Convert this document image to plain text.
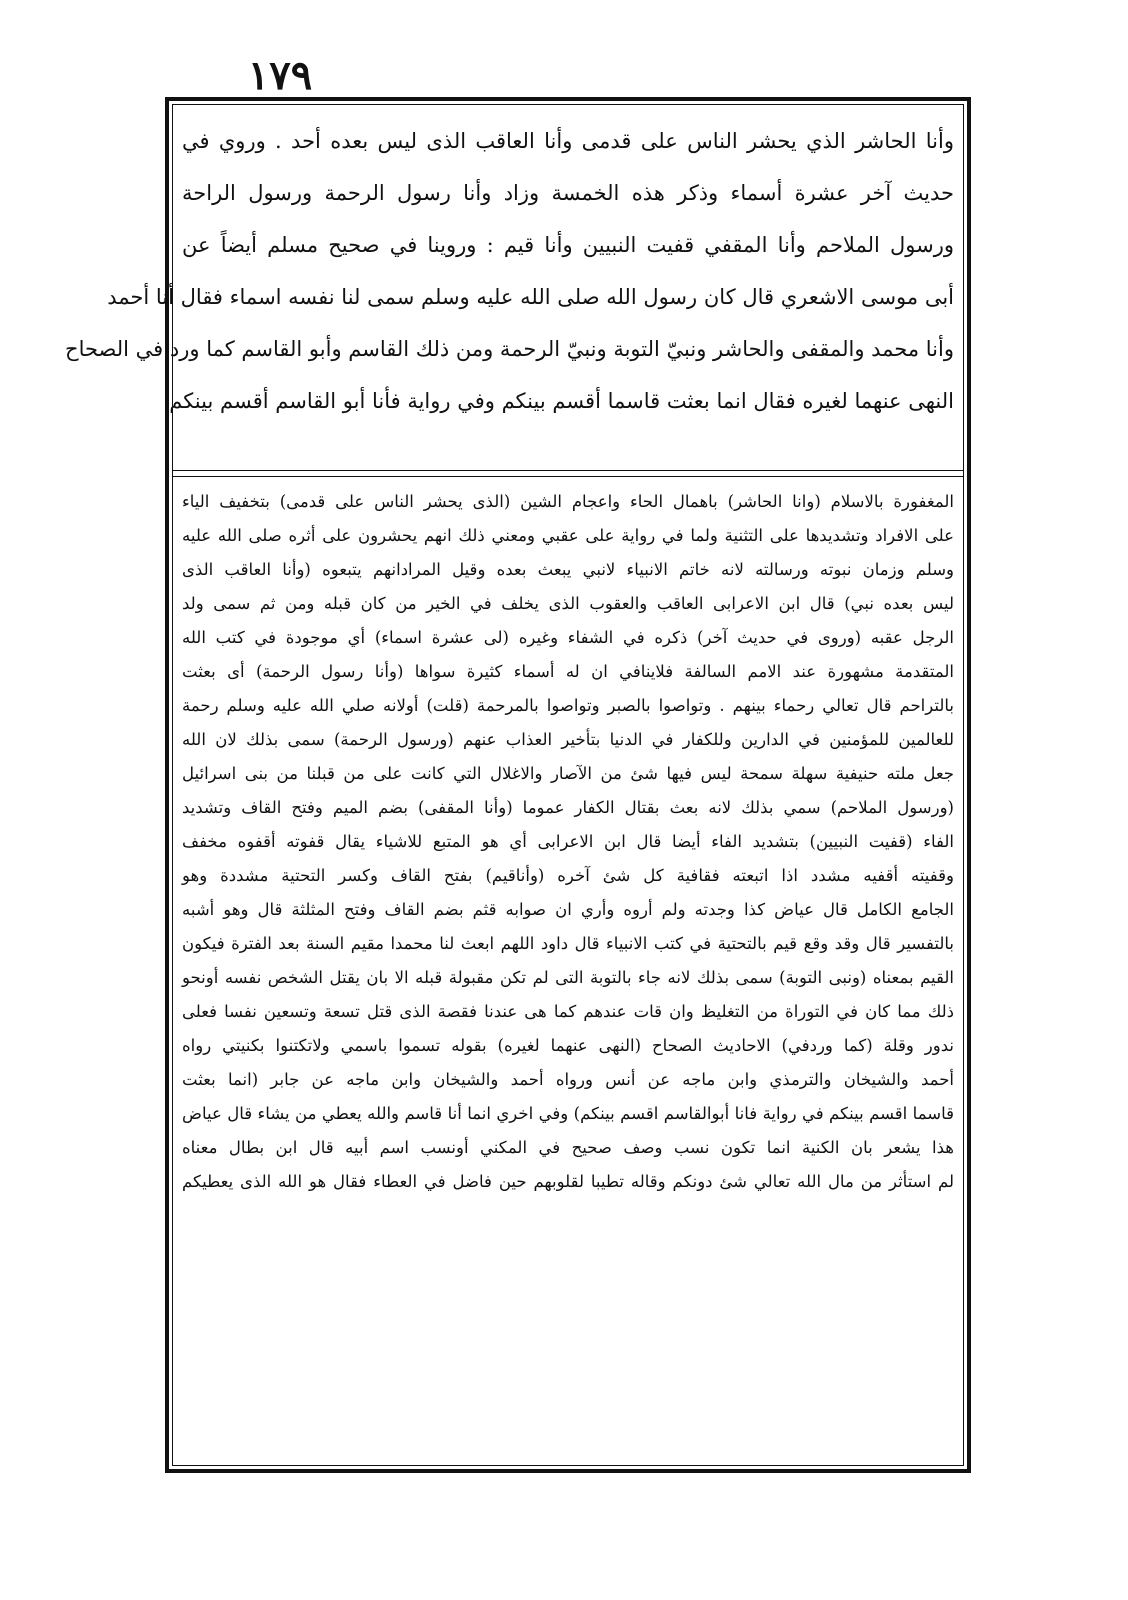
١٧٩
وأنا الحاشر الذي يحشر الناس على قدمى وأنا العاقب الذى ليس بعده أحد . وروي في
حديث آخر عشرة أسماء وذكر هذه الخمسة وزاد وأنا رسول الرحمة ورسول الراحة
ورسول الملاحم وأنا المقفي قفيت النبيين وأنا قيم : وروينا في صحيح مسلم أيضاً عن
أبى موسى الاشعري قال كان رسول الله صلى الله عليه وسلم سمى لنا نفسه اسماء فقال أنا أحمد
وأنا محمد والمقفى والحاشر ونبيّ التوبة ونبيّ الرحمة ومن ذلك القاسم وأبو القاسم كما ورد في الصحاح
النهى عنهما لغيره فقال انما بعثت قاسما أقسم بينكم وفي رواية فأنا أبو القاسم أقسم بينكم
المغفورة بالاسلام (وانا الحاشر) باهمال الحاء واعجام الشين (الذى يحشر الناس على قدمى) بتخفيف الياء
على الافراد وتشديدها على التثنية ولما في رواية على عقبي ومعني ذلك انهم يحشرون على أثره صلى الله عليه
وسلم وزمان نبوته ورسالته لانه خاتم الانبياء لانبي يبعث بعده وقيل المرادانهم يتبعوه (وأنا العاقب الذى
ليس بعده نبي) قال ابن الاعرابى العاقب والعقوب الذى يخلف في الخير من كان قبله ومن ثم سمى ولد
الرجل عقبه (وروى في حديث آخر) ذكره في الشفاء وغيره (لى عشرة اسماء) أي موجودة في كتب الله
المتقدمة مشهورة عند الامم السالفة فلاينافي ان له أسماء كثيرة سواها (وأنا رسول الرحمة) أى بعثت
بالتراحم قال تعالي رحماء بينهم . وتواصوا بالصبر وتواصوا بالمرحمة (قلت) أولانه صلي الله عليه وسلم رحمة
للعالمين للمؤمنين في الدارين وللكفار في الدنيا بتأخير العذاب عنهم (ورسول الرحمة) سمى بذلك لان الله
جعل ملته حنيفية سهلة سمحة ليس فيها شئ من الآصار والاغلال التي كانت على من قبلنا من بنى اسرائيل
(ورسول الملاحم) سمي بذلك لانه بعث بقتال الكفار عموما (وأنا المقفى) بضم الميم وفتح القاف وتشديد
الفاء (قفيت النبيين) بتشديد الفاء أيضا قال ابن الاعرابى أي هو المتبع للاشياء يقال قفوته أقفوه مخفف
وقفيته أقفيه مشدد اذا اتبعته فقافية كل شئ آخره (وأناقيم) بفتح القاف وكسر التحتية مشددة وهو
الجامع الكامل قال عياض كذا وجدته ولم أروه وأري ان صوابه قثم بضم القاف وفتح المثلثة قال وهو أشبه
بالتفسير قال وقد وقع قيم بالتحتية في كتب الانبياء قال داود اللهم ابعث لنا محمدا مقيم السنة بعد الفترة فيكون
القيم بمعناه (ونبى التوبة) سمى بذلك لانه جاء بالتوبة التى لم تكن مقبولة قبله الا بان يقتل الشخص نفسه أونحو
ذلك مما كان في التوراة من التغليظ وان قات عندهم كما هى عندنا فقصة الذى قتل تسعة وتسعين نفسا فعلى
ندور وقلة (كما وردفي) الاحاديث الصحاح (النهى عنهما لغيره) بقوله تسموا باسمي ولاتكتنوا بكنيتي رواه
أحمد والشيخان والترمذي وابن ماجه عن أنس ورواه أحمد والشيخان وابن ماجه عن جابر (انما بعثت
قاسما اقسم بينكم في رواية فانا أبوالقاسم اقسم بينكم) وفي اخري انما أنا قاسم والله يعطي من يشاء قال عياض
هذا يشعر بان الكنية انما تكون نسب وصف صحيح في المكني أونسب اسم أبيه قال ابن بطال معناه
لم استأثر من مال الله تعالي شئ دونكم وقاله تطيبا لقلوبهم حين فاضل في العطاء فقال هو الله الذى يعطيكم
